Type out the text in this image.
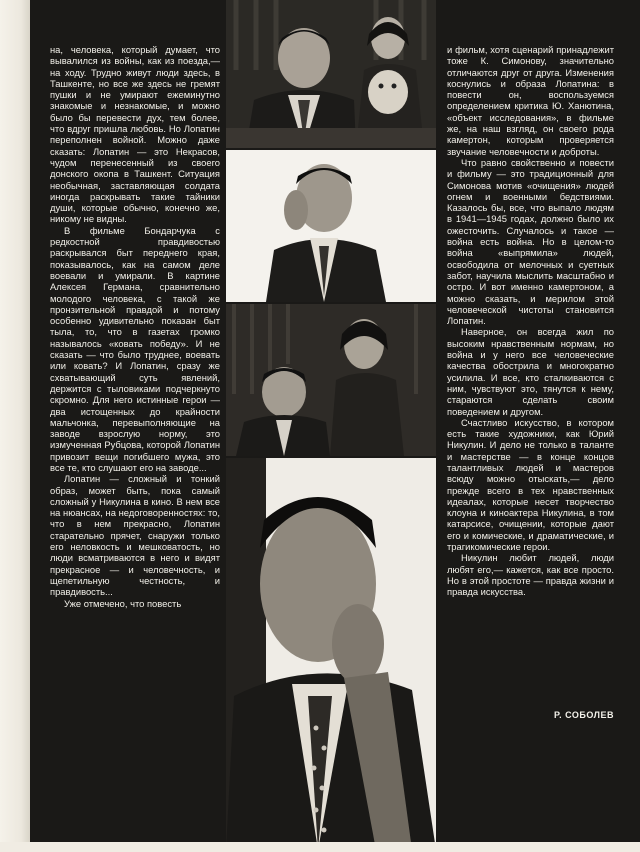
на, человека, который думает, что вывалился из войны, как из поезда,— на ходу. Трудно живут люди здесь, в Ташкенте, но все же здесь не гремят пушки и не умирают ежеминутно знакомые и незнакомые, и можно было бы перевести дух, тем более, что вдруг пришла любовь. Но Лопатин переполнен войной. Можно даже сказать: Лопатин — это Некрасов, чудом перенесенный из своего донского окопа в Ташкент. Ситуация необычная, заставляющая солдата иногда раскрывать такие тайники души, которые обычно, конечно же, никому не видны.

В фильме Бондарчука с редкостной правдивостью раскрывался быт переднего края, показывалось, как на самом деле воевали и умирали. В картине Алексея Германа, сравнительно молодого человека, с такой же пронзительной правдой и потому особенно удивительно показан быт тыла, то, что в газетах громко называлось «ковать победу». И не сказать — что было труднее, воевать или ковать? И Лопатин, сразу же схватывающий суть явлений, держится с тыловиками подчеркнуто скромно. Для него истинные герои — два истощенных до крайности мальчонка, перевыполняющие на заводе взрослую норму, это измученная Рубцова, которой Лопатин привозит вещи погибшего мужа, это все те, кто слушают его на заводе...

Лопатин — сложный и тонкий образ, может быть, пока самый сложный у Никулина в кино. В нем все на нюансах, на недоговоренностях: то, что в нем прекрасно, Лопатин старательно прячет, снаружи только его неловкость и мешковатость, но люди всматриваются в него и видят прекрасное — и человечность, и щепетильную честность, и правдивость...

Уже отмечено, что повесть

и фильм, хотя сценарий принадлежит тоже К. Симонову, значительно отличаются друг от друга. Изменения коснулись и образа Лопатина: в повести он, воспользуемся определением критика Ю. Ханютина, «объект исследования», в фильме же, на наш взгляд, он своего рода камертон, которым проверяется звучание человечности и доброты.

Что равно свойственно и повести и фильму — это традиционный для Симонова мотив «очищения» людей огнем и военными бедствиями. Казалось бы, все, что выпало людям в 1941—1945 годах, должно было их ожесточить. Случалось и такое — война есть война. Но в целом-то война «выпрямила» людей, освободила от мелочных и суетных забот, научила мыслить масштабно и остро. И вот именно камертоном, а можно сказать, и мерилом этой человеческой чистоты становится Лопатин.

Наверное, он всегда жил по высоким нравственным нормам, но война и у него все человеческие качества обострила и многократно усилила. И все, кто сталкиваются с ним, чувствуют это, тянутся к нему, стараются сделать своим поведением и другом.

Счастливо искусство, в котором есть такие художники, как Юрий Никулин. И дело не только в таланте и мастерстве — в конце концов талантливых людей и мастеров всюду можно отыскать,— дело прежде всего в тех нравственных идеалах, которые несет творчество клоуна и киноактера Никулина, в том катарсисе, очищении, которые дают его и комические, и драматические, и трагикомические герои.

Никулин любит людей, люди любят его,— кажется, как все просто. Но в этой простоте — правда жизни и правда искусства.

Р. СОБОЛЕВ
